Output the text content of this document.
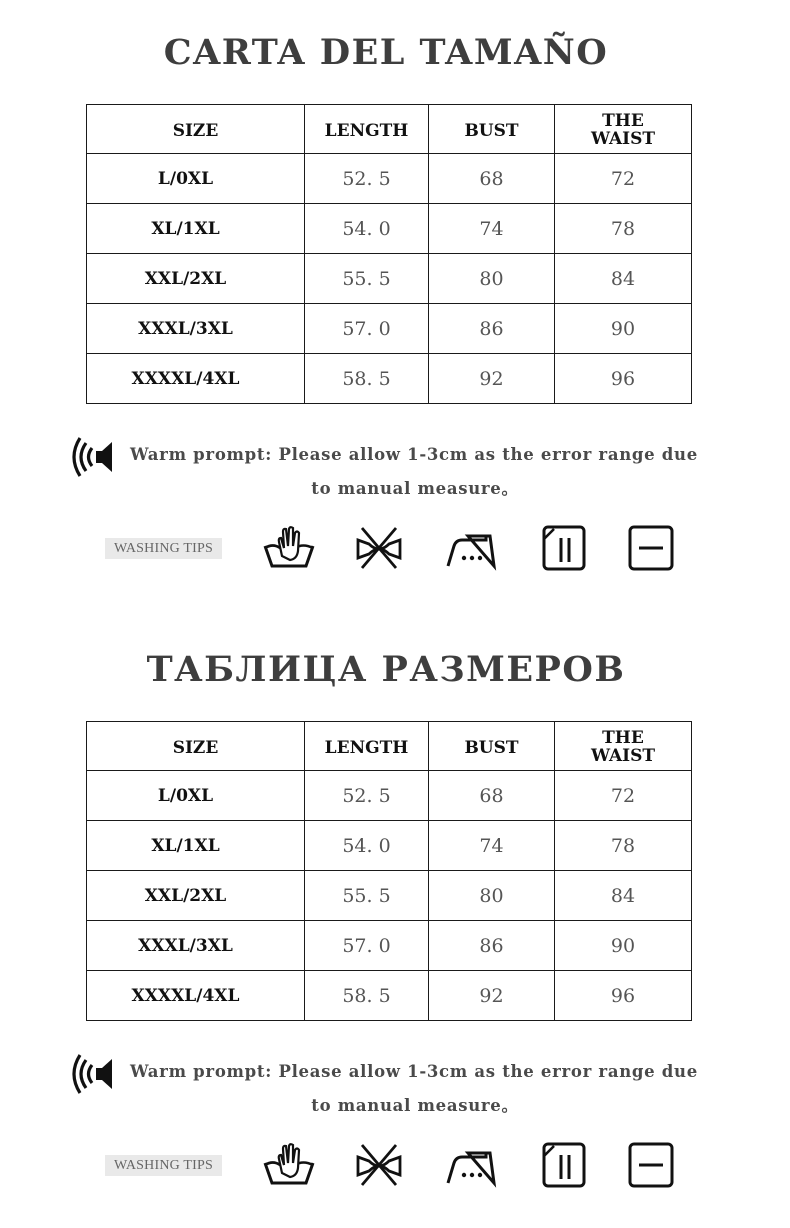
CARTA DEL TAMAÑO
SIZE	LENGTH	BUST	THE
WAIST
L/0XL	52. 5	68	72
XL/1XL	54. 0	74	78
XXL/2XL	55. 5	80	84
XXXL/3XL	57. 0	86	90
XXXXL/4XL	58. 5	92	96
Warm prompt: Please allow 1-3cm as the error range due
to manual measure。
WASHING TIPS
ТАБЛИЦА РАЗМЕРОВ
SIZE	LENGTH	BUST	THE
WAIST
L/0XL	52. 5	68	72
XL/1XL	54. 0	74	78
XXL/2XL	55. 5	80	84
XXXL/3XL	57. 0	86	90
XXXXL/4XL	58. 5	92	96
Warm prompt: Please allow 1-3cm as the error range due
to manual measure。
WASHING TIPS
